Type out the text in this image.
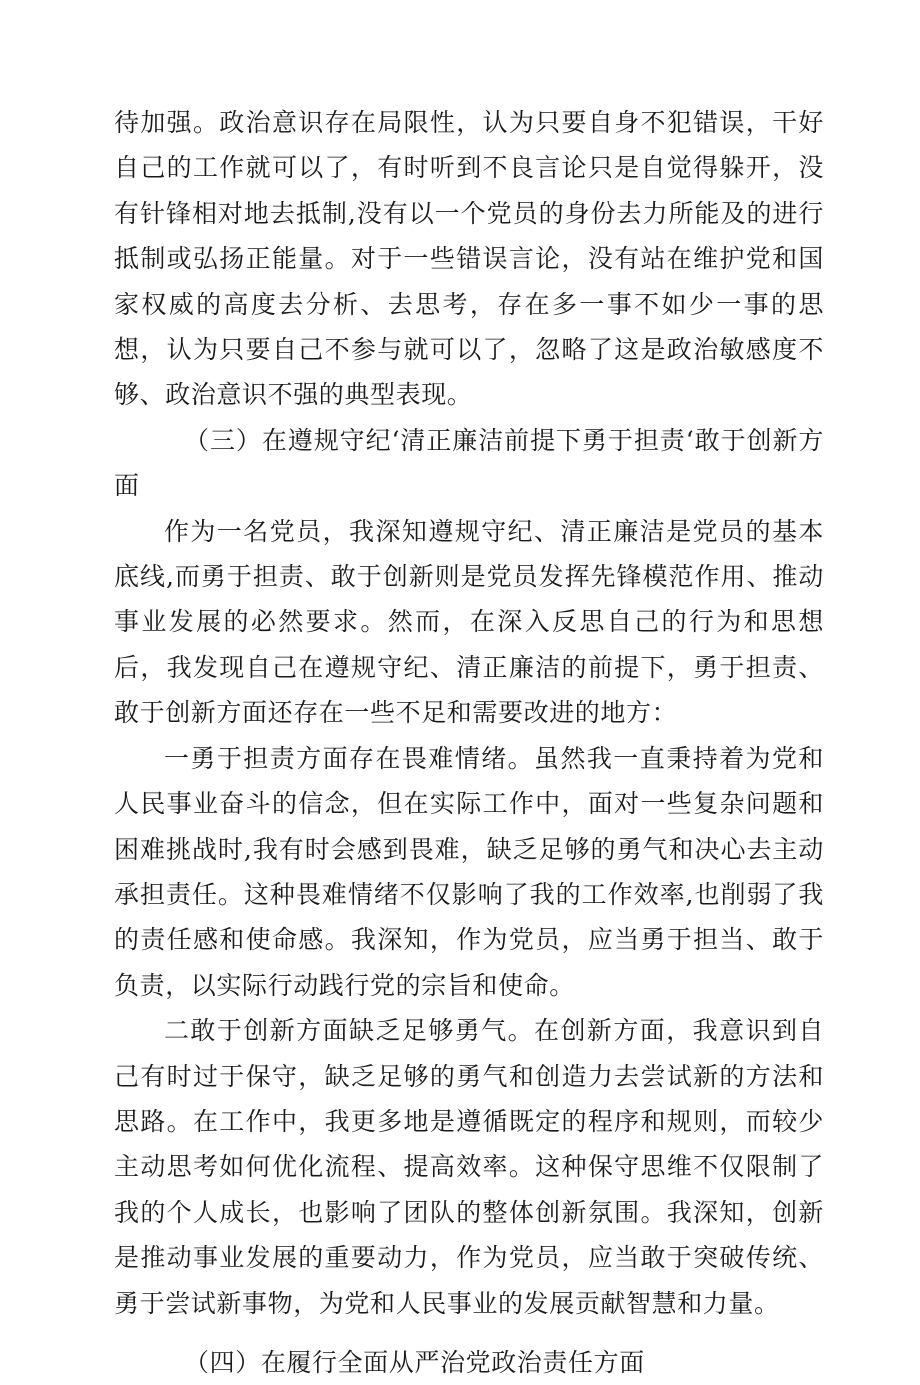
待加强。政治意识存在局限性，认为只要自身不犯错误，干好自己的工作就可以了，有时听到不良言论只是自觉得躲开，没有针锋相对地去抵制,没有以一个党员的身份去力所能及的进行抵制或弘扬正能量。对于一些错误言论，没有站在维护党和国家权威的高度去分析、去思考，存在多一事不如少一事的思想，认为只要自己不参与就可以了，忽略了这是政治敏感度不够、政治意识不强的典型表现。

（三）在遵规守纪‘清正廉洁前提下勇于担责‘敢于创新方面

作为一名党员，我深知遵规守纪、清正廉洁是党员的基本底线,而勇于担责、敢于创新则是党员发挥先锋模范作用、推动事业发展的必然要求。然而，在深入反思自己的行为和思想后，我发现自己在遵规守纪、清正廉洁的前提下，勇于担责、敢于创新方面还存在一些不足和需要改进的地方：

一勇于担责方面存在畏难情绪。虽然我一直秉持着为党和人民事业奋斗的信念，但在实际工作中，面对一些复杂问题和困难挑战时,我有时会感到畏难，缺乏足够的勇气和决心去主动承担责任。这种畏难情绪不仅影响了我的工作效率,也削弱了我的责任感和使命感。我深知，作为党员，应当勇于担当、敢于负责，以实际行动践行党的宗旨和使命。

二敢于创新方面缺乏足够勇气。在创新方面，我意识到自己有时过于保守，缺乏足够的勇气和创造力去尝试新的方法和思路。在工作中，我更多地是遵循既定的程序和规则，而较少主动思考如何优化流程、提高效率。这种保守思维不仅限制了我的个人成长，也影响了团队的整体创新氛围。我深知，创新是推动事业发展的重要动力，作为党员，应当敢于突破传统、勇于尝试新事物，为党和人民事业的发展贡献智慧和力量。

（四）在履行全面从严治党政治责任方面
